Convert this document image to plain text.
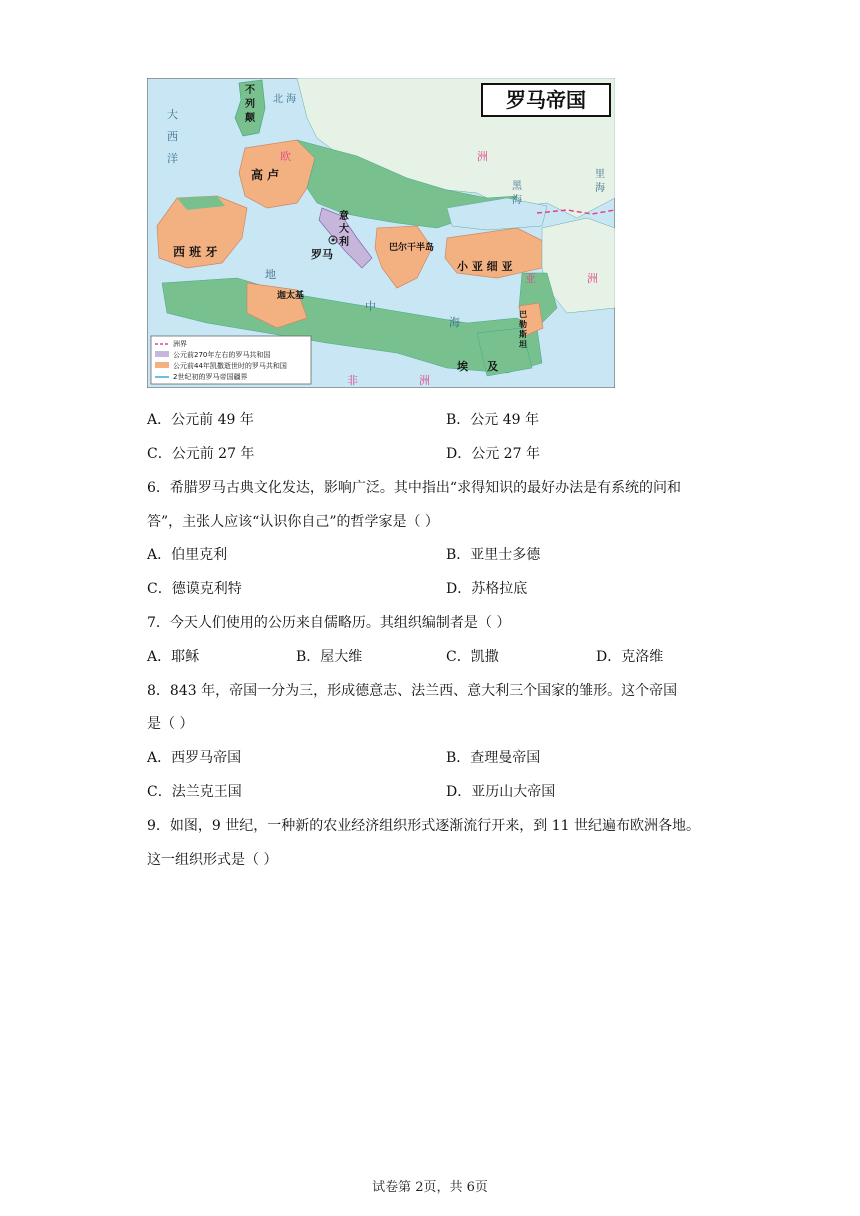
罗马帝国
不
列
颠
北 海
大
西
洋	欧	洲
高 卢
西 班 牙
意
大
利
罗马	巴尔干半岛
小 亚 细 亚
迦太基
地
中
海
黑
海
里
海
亚	洲
巴
勒
斯
坦
埃     及
非	洲
洲界
公元前270年左右的罗马共和国
公元前44年凯撒逝世时的罗马共和国
2世纪初的罗马帝国疆界
A．公元前 49 年	B．公元 49 年
C．公元前 27 年	D．公元 27 年
6．希腊罗马古典文化发达，影响广泛。其中指出“求得知识的最好办法是有系统的问和
答”，主张人应该“认识你自己”的哲学家是（ ）
A．伯里克利	B．亚里士多德
C．德谟克利特	D．苏格拉底
7．今天人们使用的公历来自儒略历。其组织编制者是（ ）
A．耶稣	B．屋大维	C．凯撒	D．克洛维
8．843 年，帝国一分为三，形成德意志、法兰西、意大利三个国家的雏形。这个帝国
是（ ）
A．西罗马帝国	B．查理曼帝国
C．法兰克王国	D．亚历山大帝国
9．如图，9 世纪，一种新的农业经济组织形式逐渐流行开来，到 11 世纪遍布欧洲各地。
这一组织形式是（ ）
试卷第 2页，共 6页
